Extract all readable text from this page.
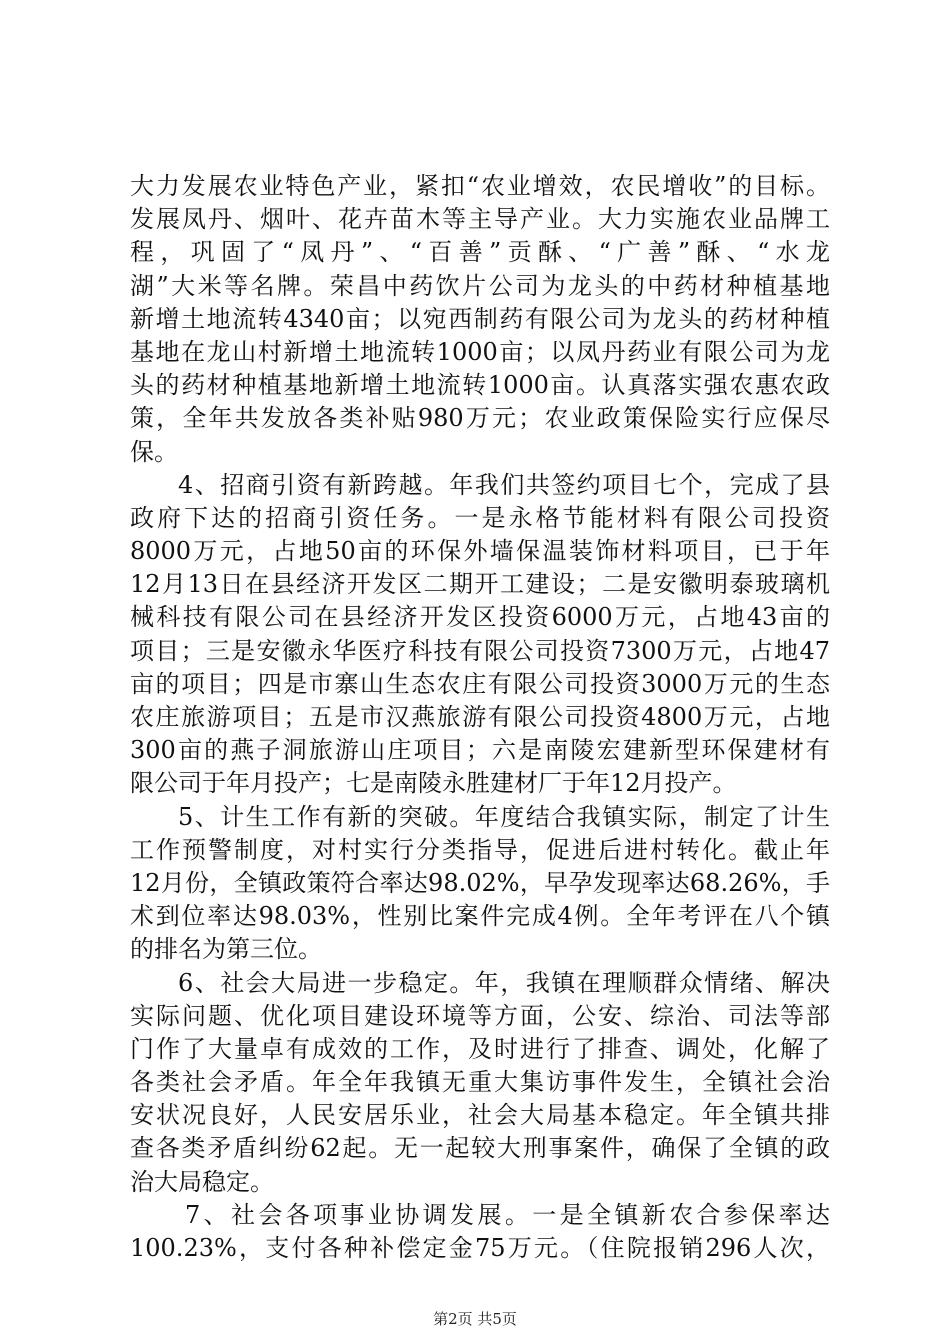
大力发展农业特色产业，紧扣“农业增效，农民增收”的目标。
发展凤丹、烟叶、花卉苗木等主导产业。大力实施农业品牌工
程，巩固了“凤丹”、“百善”贡酥、“广善”酥、“水龙
湖”大米等名牌。荣昌中药饮片公司为龙头的中药材种植基地
新增土地流转4340亩；以宛西制药有限公司为龙头的药材种植
基地在龙山村新增土地流转1000亩；以凤丹药业有限公司为龙
头的药材种植基地新增土地流转1000亩。认真落实强农惠农政
策，全年共发放各类补贴980万元；农业政策保险实行应保尽
保。
4、招商引资有新跨越。年我们共签约项目七个，完成了县
政府下达的招商引资任务。一是永格节能材料有限公司投资
8000万元，占地50亩的环保外墙保温装饰材料项目，已于年
12月13日在县经济开发区二期开工建设；二是安徽明泰玻璃机
械科技有限公司在县经济开发区投资6000万元，占地43亩的
项目；三是安徽永华医疗科技有限公司投资7300万元，占地47
亩的项目；四是市寨山生态农庄有限公司投资3000万元的生态
农庄旅游项目；五是市汉燕旅游有限公司投资4800万元，占地
300亩的燕子洞旅游山庄项目；六是南陵宏建新型环保建材有
限公司于年月投产；七是南陵永胜建材厂于年12月投产。
5、计生工作有新的突破。年度结合我镇实际，制定了计生
工作预警制度，对村实行分类指导，促进后进村转化。截止年
12月份，全镇政策符合率达98.02%，早孕发现率达68.26%，手
术到位率达98.03%，性别比案件完成4例。全年考评在八个镇
的排名为第三位。
6、社会大局进一步稳定。年，我镇在理顺群众情绪、解决
实际问题、优化项目建设环境等方面，公安、综治、司法等部
门作了大量卓有成效的工作，及时进行了排查、调处，化解了
各类社会矛盾。年全年我镇无重大集访事件发生，全镇社会治
安状况良好，人民安居乐业，社会大局基本稳定。年全镇共排
查各类矛盾纠纷62起。无一起较大刑事案件，确保了全镇的政
治大局稳定。
7、社会各项事业协调发展。一是全镇新农合参保率达
100.23%，支付各种补偿定金75万元。（住院报销296人次，
第2页 共5页
